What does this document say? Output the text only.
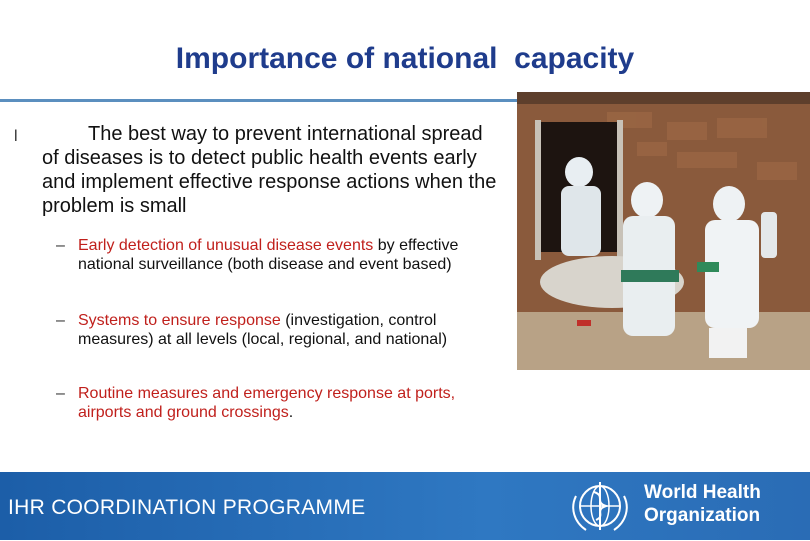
Importance of national  capacity
l	The best way to prevent international spread of diseases is to detect public health events early and implement effective response actions when the problem is small
– Early detection of unusual disease events by effective national surveillance (both disease and event based)
– Systems to ensure response (investigation, control measures) at all levels (local, regional, and national)
– Routine measures and emergency response at ports, airports and ground crossings.
IHR COORDINATION PROGRAMME
World Health
Organization
